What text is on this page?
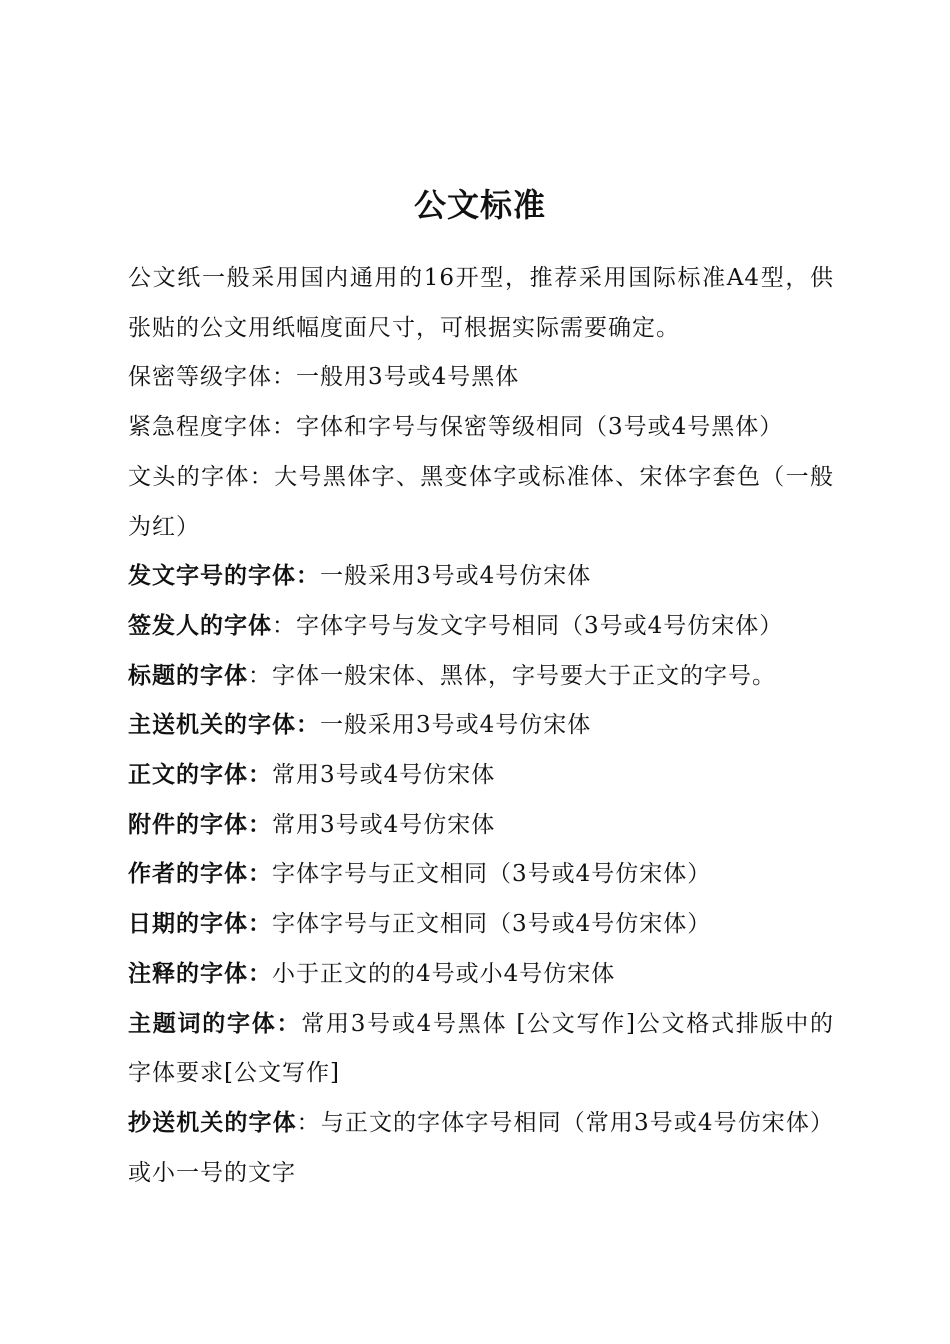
公文标准

公文纸一般采用国内通用的16开型，推荐采用国际标准A4型，供张贴的公文用纸幅度面尺寸，可根据实际需要确定。

保密等级字体：一般用3号或4号黑体

紧急程度字体：字体和字号与保密等级相同（3号或4号黑体）

文头的字体：大号黑体字、黑变体字或标准体、宋体字套色（一般为红）

发文字号的字体：一般采用3号或4号仿宋体

签发人的字体：字体字号与发文字号相同（3号或4号仿宋体）

标题的字体：字体一般宋体、黑体，字号要大于正文的字号。

主送机关的字体：一般采用3号或4号仿宋体

正文的字体：常用3号或4号仿宋体

附件的字体：常用3号或4号仿宋体

作者的字体：字体字号与正文相同（3号或4号仿宋体）

日期的字体：字体字号与正文相同（3号或4号仿宋体）

注释的字体：小于正文的的4号或小4号仿宋体

主题词的字体：常用3号或4号黑体 [公文写作]公文格式排版中的字体要求[公文写作]

抄送机关的字体：与正文的字体字号相同（常用3号或4号仿宋体）或小一号的文字
